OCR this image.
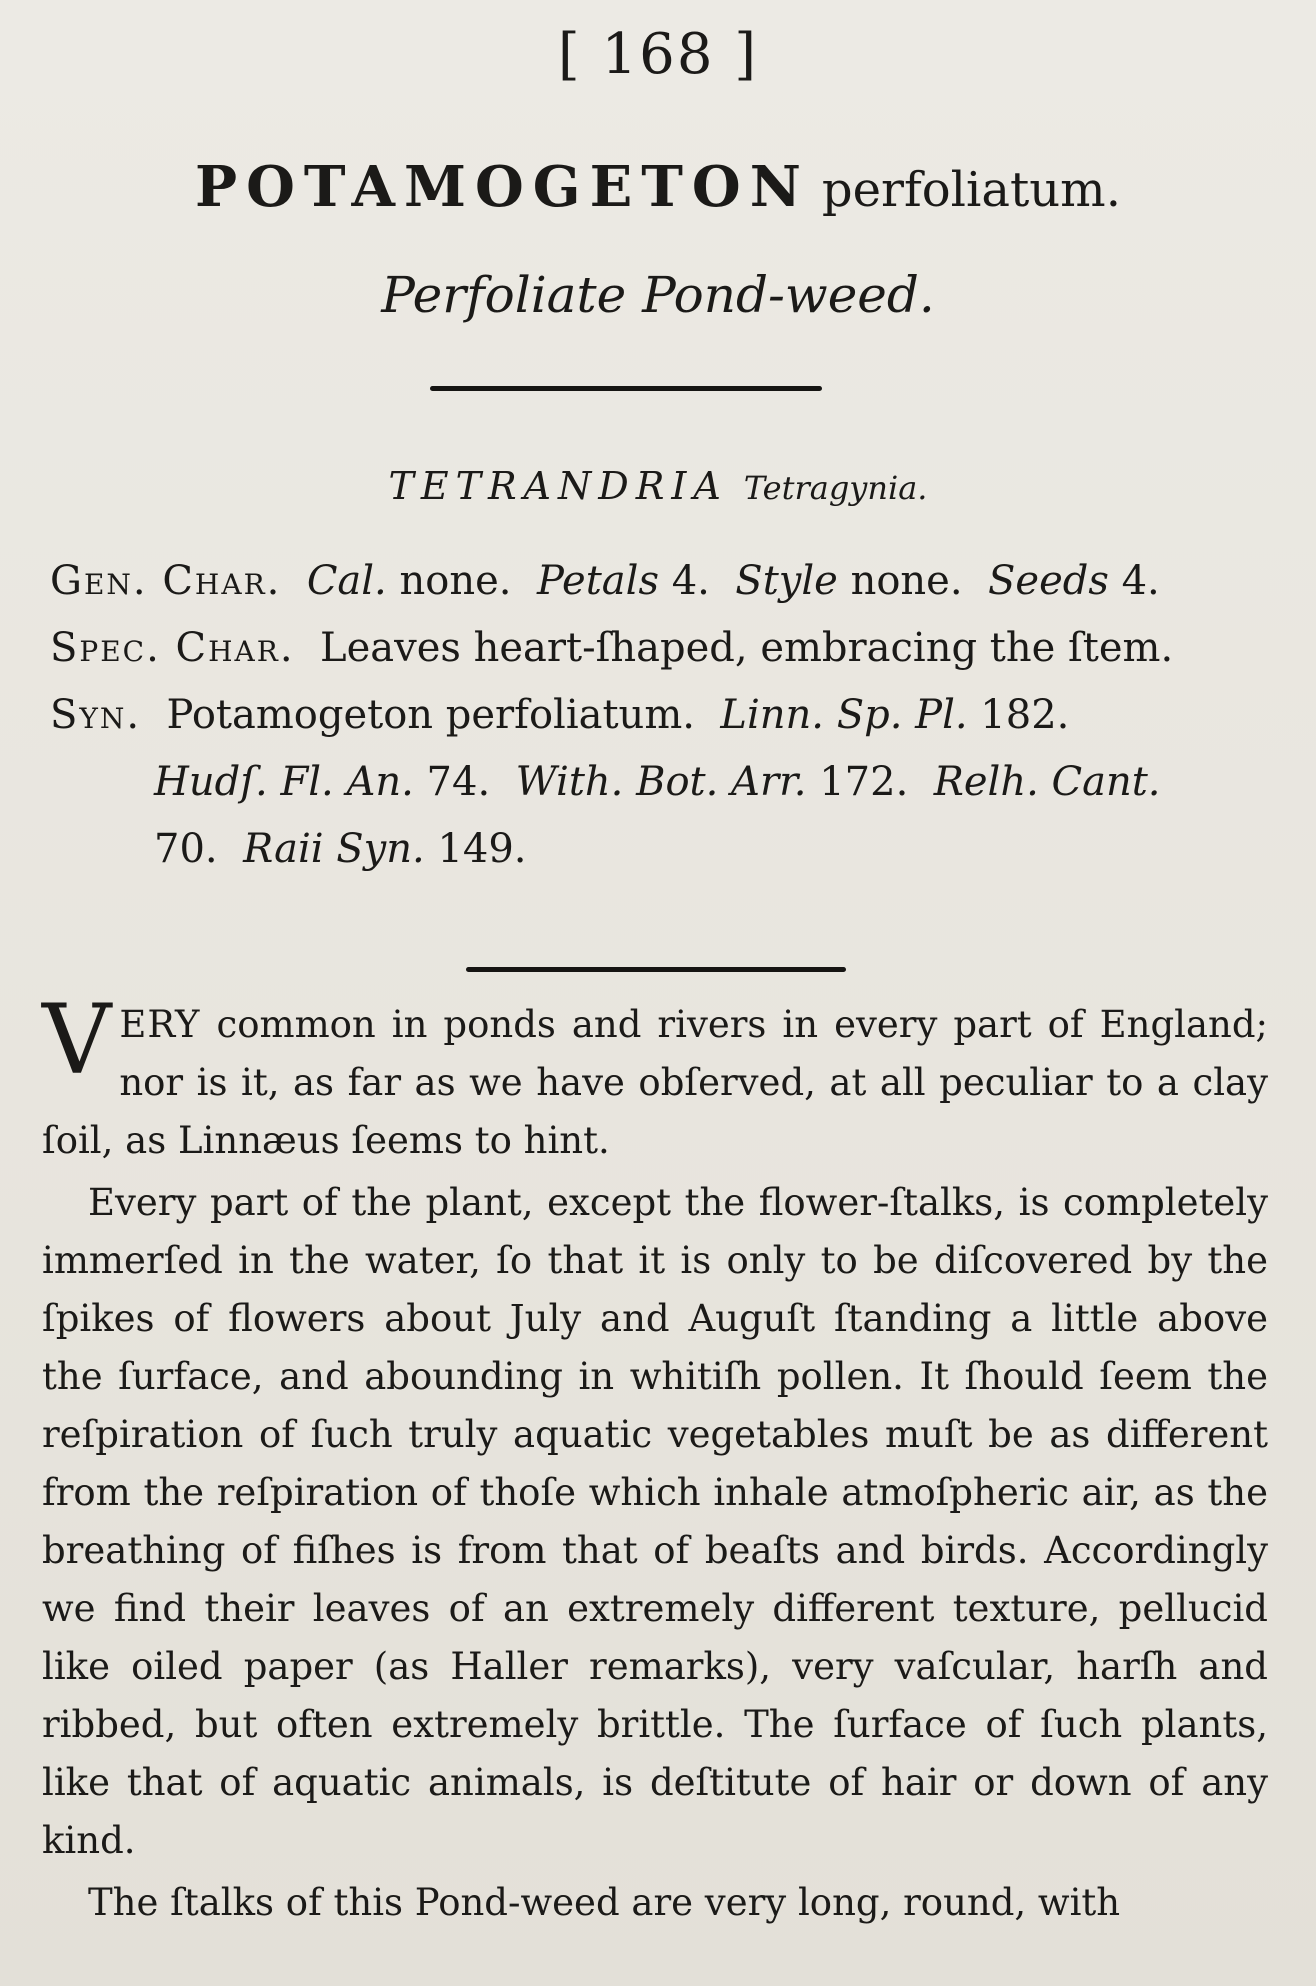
[ 168 ]
POTAMOGETON perfoliatum.
Perfoliate Pond-weed.
TETRANDRIA Tetragynia.
Gen. Char. Cal. none. Petals 4. Style none. Seeds 4.
Spec. Char. Leaves heart-ſhaped, embracing the ſtem.
Syn. Potamogeton perfoliatum. Linn. Sp. Pl. 182.
Hudſ. Fl. An. 74. With. Bot. Arr. 172. Relh. Cant.
70. Raii Syn. 149.

VERY common in ponds and rivers in every part of England; nor is it, as far as we have obſerved, at all peculiar to a clay ſoil, as Linnæus ſeems to hint.

Every part of the plant, except the flower-ſtalks, is completely immerſed in the water, ſo that it is only to be diſcovered by the ſpikes of flowers about July and Auguſt ſtanding a little above the ſurface, and abounding in whitiſh pollen. It ſhould ſeem the reſpiration of ſuch truly aquatic vegetables muſt be as different from the reſpiration of thoſe which inhale atmoſpheric air, as the breathing of fiſhes is from that of beaſts and birds. Accordingly we find their leaves of an extremely different texture, pellucid like oiled paper (as Haller remarks), very vaſcular, harſh and ribbed, but often extremely brittle. The ſurface of ſuch plants, like that of aquatic animals, is deſtitute of hair or down of any kind.

The ſtalks of this Pond-weed are very long, round, with
